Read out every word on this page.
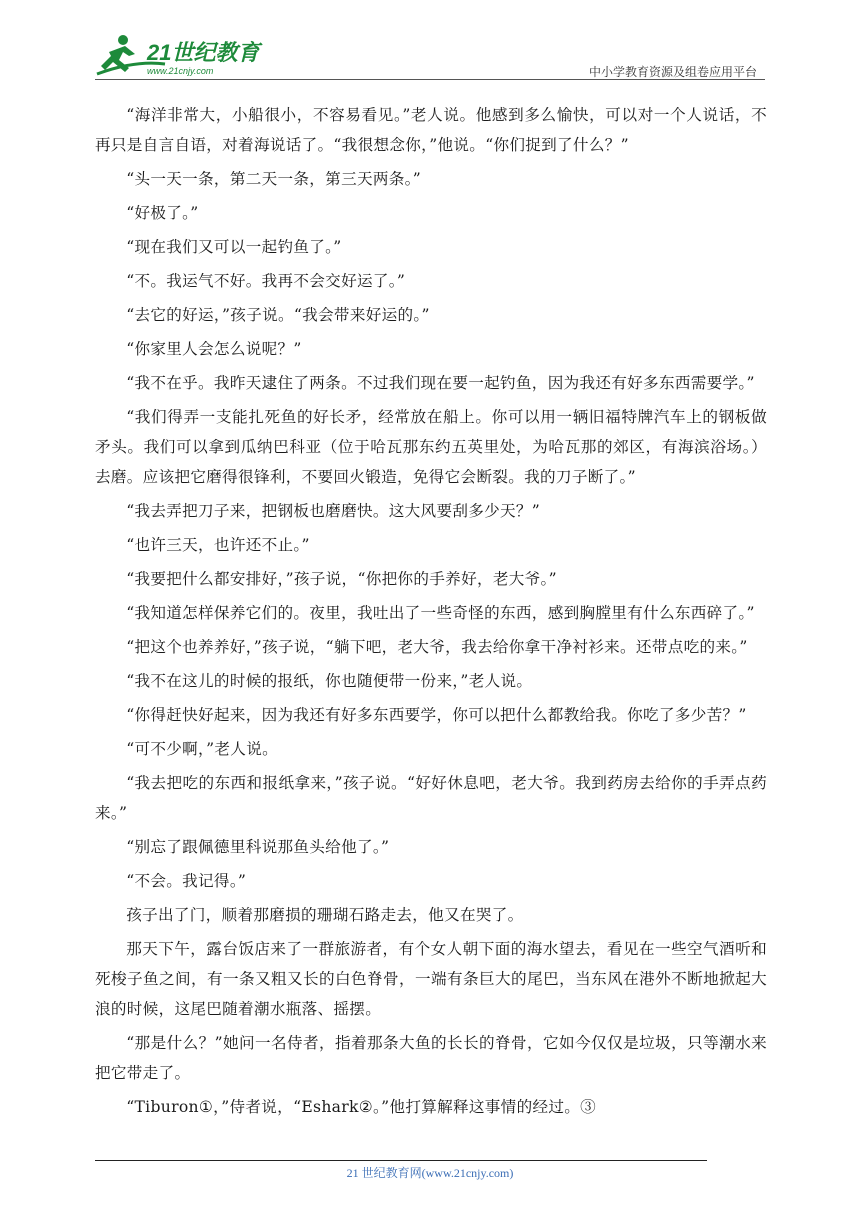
21世纪教育
www.21cnjy.com	中小学教育资源及组卷应用平台

“海洋非常大，小船很小，不容易看见。”老人说。他感到多么愉快，可以对一个人说话，不再只是自言自语，对着海说话了。“我很想念你，”他说。“你们捉到了什么？”

“头一天一条，第二天一条，第三天两条。”

“好极了。”

“现在我们又可以一起钓鱼了。”

“不。我运气不好。我再不会交好运了。”

“去它的好运，”孩子说。“我会带来好运的。”

“你家里人会怎么说呢？”

“我不在乎。我昨天逮住了两条。不过我们现在要一起钓鱼，因为我还有好多东西需要学。”

“我们得弄一支能扎死鱼的好长矛，经常放在船上。你可以用一辆旧福特牌汽车上的钢板做矛头。我们可以拿到瓜纳巴科亚（位于哈瓦那东约五英里处，为哈瓦那的郊区，有海滨浴场。）去磨。应该把它磨得很锋利，不要回火锻造，免得它会断裂。我的刀子断了。”

“我去弄把刀子来，把钢板也磨磨快。这大风要刮多少天？”

“也许三天，也许还不止。”

“我要把什么都安排好，”孩子说，“你把你的手养好，老大爷。”

“我知道怎样保养它们的。夜里，我吐出了一些奇怪的东西，感到胸膛里有什么东西碎了。”

“把这个也养养好，”孩子说，“躺下吧，老大爷，我去给你拿干净衬衫来。还带点吃的来。”

“我不在这儿的时候的报纸，你也随便带一份来，”老人说。

“你得赶快好起来，因为我还有好多东西要学，你可以把什么都教给我。你吃了多少苦？”

“可不少啊，”老人说。

“我去把吃的东西和报纸拿来，”孩子说。“好好休息吧，老大爷。我到药房去给你的手弄点药来。”

“别忘了跟佩德里科说那鱼头给他了。”

“不会。我记得。”

孩子出了门，顺着那磨损的珊瑚石路走去，他又在哭了。

那天下午，露台饭店来了一群旅游者，有个女人朝下面的海水望去，看见在一些空气酒听和死梭子鱼之间，有一条又粗又长的白色脊骨，一端有条巨大的尾巴，当东风在港外不断地掀起大浪的时候，这尾巴随着潮水瓶落、摇摆。

“那是什么？”她问一名侍者，指着那条大鱼的长长的脊骨，它如今仅仅是垃圾，只等潮水来把它带走了。

“Tiburon①，”侍者说，“Eshark②。”他打算解释这事情的经过。③

21 世纪教育网(www.21cnjy.com)
